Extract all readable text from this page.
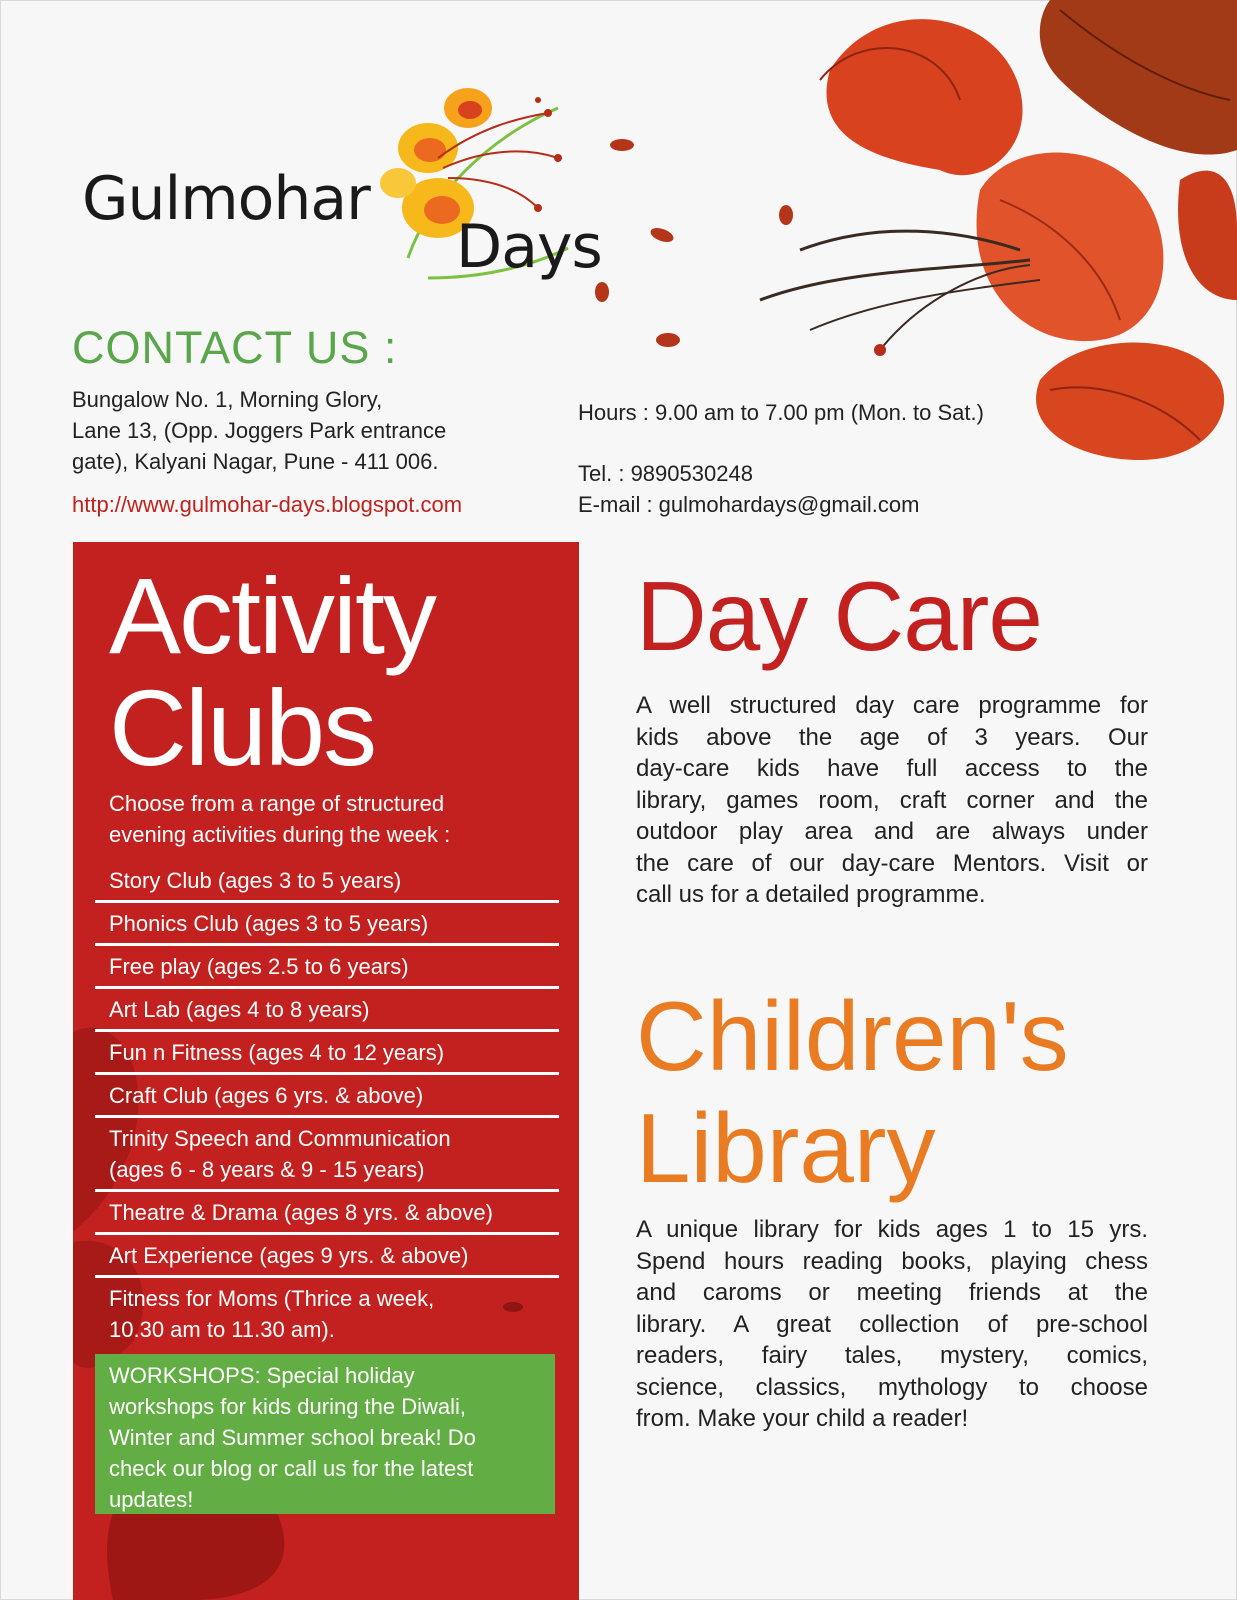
Gulmohar
Days
CONTACT US :
Bungalow No. 1, Morning Glory,
Lane 13, (Opp. Joggers Park entrance
gate), Kalyani Nagar, Pune - 411 006.
http://www.gulmohar-days.blogspot.com
Hours : 9.00 am to 7.00 pm (Mon. to Sat.)
Tel. : 9890530248
E-mail : gulmohardays@gmail.com
Activity
Clubs
Choose from a range of structured
evening activities during the week :
Story Club (ages 3 to 5 years)
Phonics Club (ages 3 to 5 years)
Free play (ages 2.5 to 6 years)
Art Lab (ages 4 to 8 years)
Fun n Fitness (ages 4 to 12 years)
Craft Club (ages 6 yrs. & above)
Trinity Speech and Communication
(ages 6 - 8 years & 9 - 15 years)
Theatre & Drama (ages 8 yrs. & above)
Art Experience (ages 9 yrs. & above)
Fitness for Moms (Thrice a week,
10.30 am to 11.30 am).
WORKSHOPS: Special holiday
workshops for kids during the Diwali,
Winter and Summer school break! Do
check our blog or call us for the latest
updates!
Day Care
A well structured day care programme for
kids above the age of 3 years. Our
day-care kids have full access to the
library, games room, craft corner and the
outdoor play area and are always under
the care of our day-care Mentors. Visit or
call us for a detailed programme.
Children's
Library
A unique library for kids ages 1 to 15 yrs.
Spend hours reading books, playing chess
and caroms or meeting friends at the
library. A great collection of pre-school
readers, fairy tales, mystery, comics,
science, classics, mythology to choose
from. Make your child a reader!
